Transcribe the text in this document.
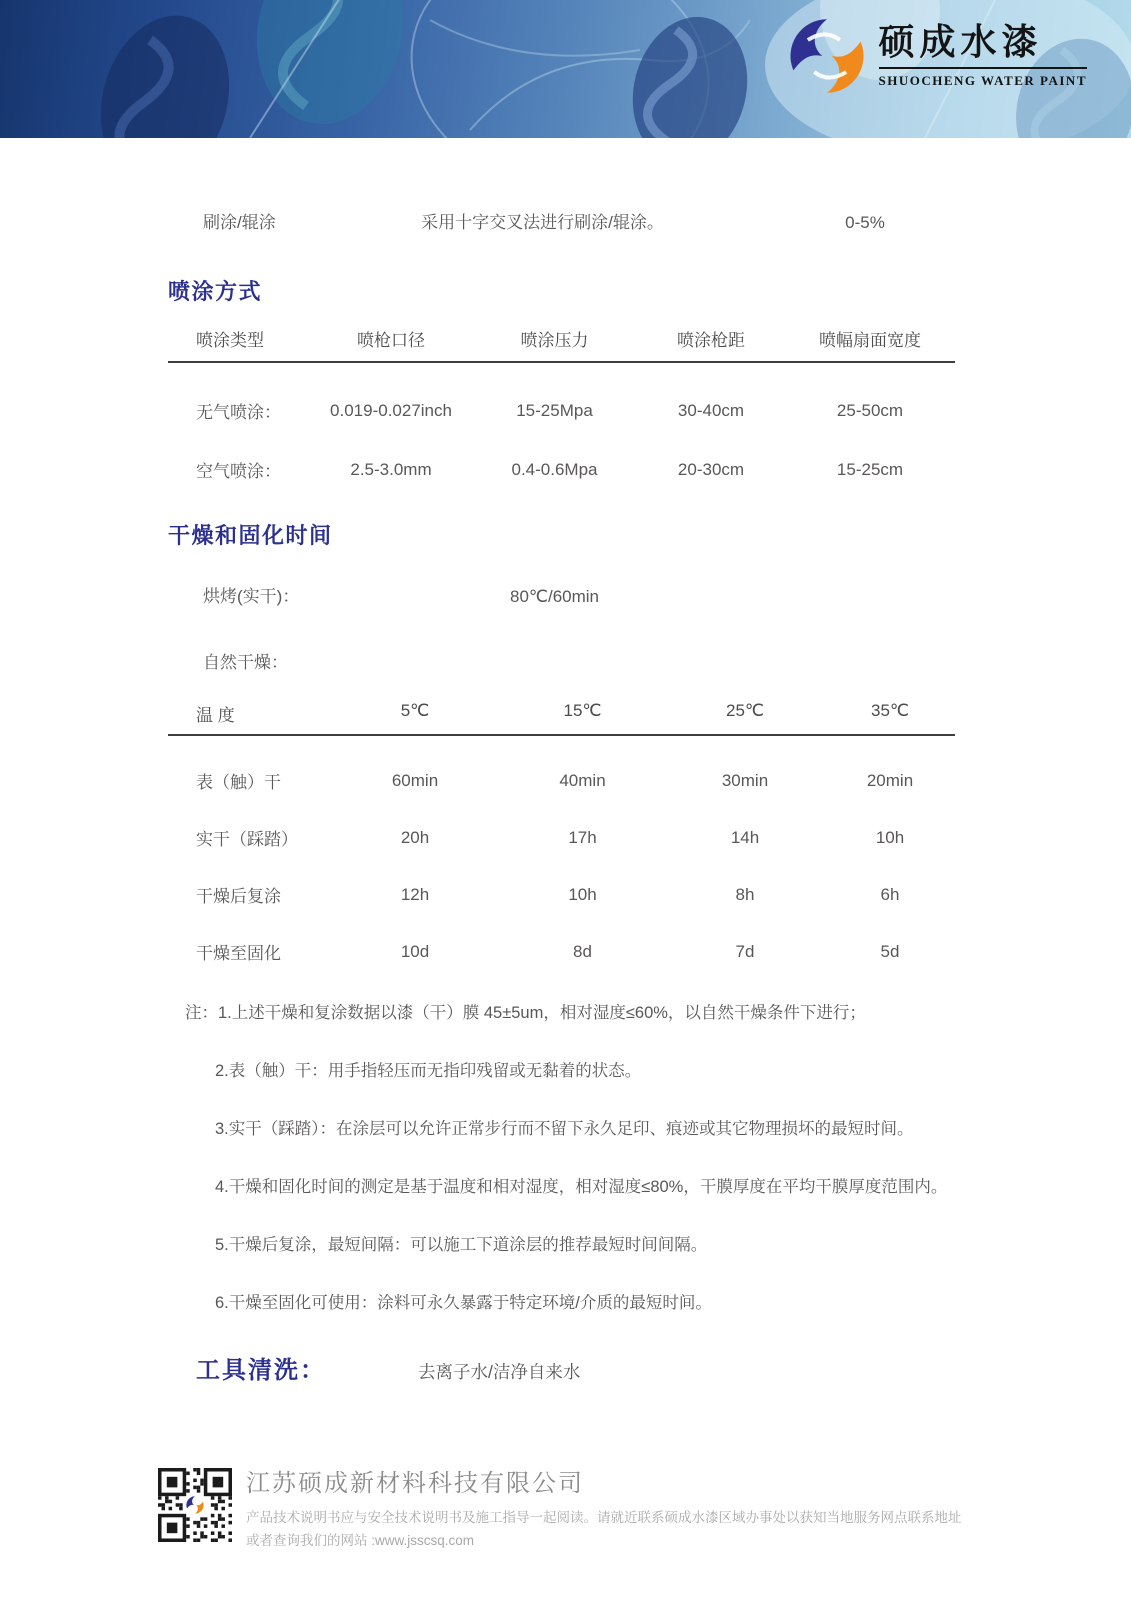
硕成水漆
SHUOCHENG WATER PAINT
刷涂/辊涂	采用十字交叉法进行刷涂/辊涂。	0-5%
喷涂方式
喷涂类型	喷枪口径	喷涂压力	喷涂枪距	喷幅扇面宽度
无气喷涂：	0.019-0.027inch	15-25Mpa	30-40cm	25-50cm
空气喷涂：	2.5-3.0mm	0.4-0.6Mpa	20-30cm	15-25cm
干燥和固化时间
烘烤(实干)：	80℃/60min
自然干燥：
温 度	5℃	15℃	25℃	35℃
表（触）干	60min	40min	30min	20min
实干（踩踏）	20h	17h	14h	10h
干燥后复涂	12h	10h	8h	6h
干燥至固化	10d	8d	7d	5d
注： 1.上述干燥和复涂数据以漆（干）膜 45±5um，相对湿度≤60%，以自然干燥条件下进行；
2.表（触）干：用手指轻压而无指印残留或无黏着的状态。
3.实干（踩踏）：在涂层可以允许正常步行而不留下永久足印、痕迹或其它物理损坏的最短时间。
4.干燥和固化时间的测定是基于温度和相对湿度，相对湿度≤80%，干膜厚度在平均干膜厚度范围内。
5.干燥后复涂，最短间隔：可以施工下道涂层的推荐最短时间间隔。
6.干燥至固化可使用：涂料可永久暴露于特定环境/介质的最短时间。
工具清洗：	去离子水/洁净自来水
江苏硕成新材料科技有限公司
产品技术说明书应与安全技术说明书及施工指导一起阅读。请就近联系硕成水漆区域办事处以获知当地服务网点联系地址
或者查询我们的网站 :www.jsscsq.com
